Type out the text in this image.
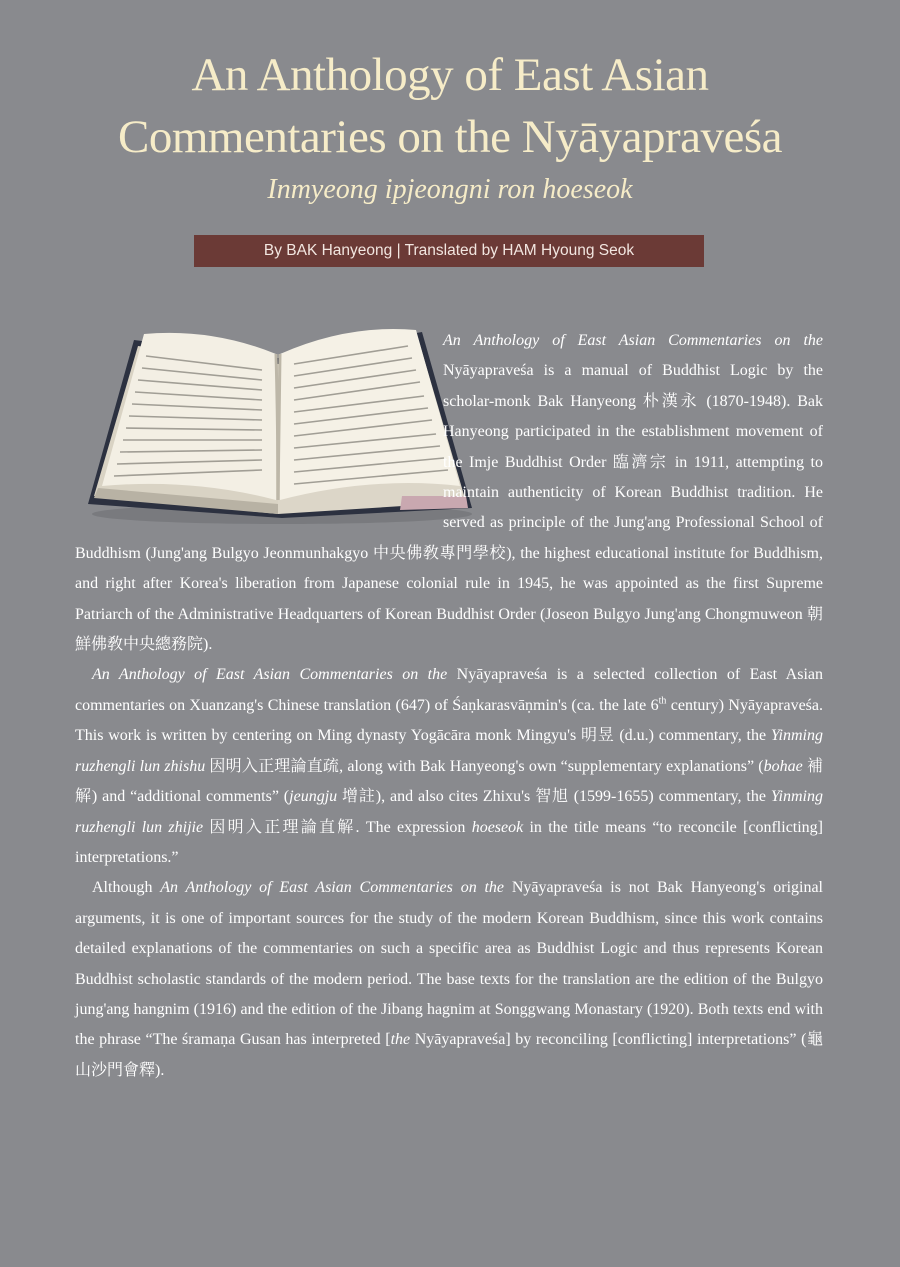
An Anthology of East Asian
Commentaries on the Nyāyapraveśa
Inmyeong ipjeongni ron hoeseok
By BAK Hanyeong | Translated by HAM Hyoung Seok

An Anthology of East Asian Commentaries on the Nyāyapraveśa is a manual of Buddhist Logic by the scholar-monk Bak Hanyeong 朴漢永 (1870-1948). Bak Hanyeong participated in the establishment movement of the Imje Buddhist Order 臨濟宗 in 1911, attempting to maintain authenticity of Korean Buddhist tradition. He served as principle of the Jung'ang Professional School of Buddhism (Jung'ang Bulgyo Jeonmunhakgyo 中央佛敎專門學校), the highest educational institute for Buddhism, and right after Korea's liberation from Japanese colonial rule in 1945, he was appointed as the first Supreme Patriarch of the Administrative Headquarters of Korean Buddhist Order (Joseon Bulgyo Jung'ang Chongmuweon 朝鮮佛敎中央總務院).

An Anthology of East Asian Commentaries on the Nyāyapraveśa is a selected collection of East Asian commentaries on Xuanzang's Chinese translation (647) of Śaṇkarasvāṇmin's (ca. the late 6th century) Nyāyapraveśa. This work is written by centering on Ming dynasty Yogācāra monk Mingyu's 明昱 (d.u.) commentary, the Yinming ruzhengli lun zhishu 因明入正理論直疏, along with Bak Hanyeong's own “supplementary explanations” (bohae 補解) and “additional comments” (jeungju 增註), and also cites Zhixu's 智旭 (1599-1655) commentary, the Yinming ruzhengli lun zhijie 因明入正理論直解. The expression hoeseok in the title means “to reconcile [conflicting] interpretations.”

Although An Anthology of East Asian Commentaries on the Nyāyapraveśa is not Bak Hanyeong's original arguments, it is one of important sources for the study of the modern Korean Buddhism, since this work contains detailed explanations of the commentaries on such a specific area as Buddhist Logic and thus represents Korean Buddhist scholastic standards of the modern period. The base texts for the translation are the edition of the Bulgyo jung'ang hangnim (1916) and the edition of the Jibang hagnim at Songgwang Monastary (1920). Both texts end with the phrase “The śramaṇa Gusan has interpreted [the Nyāyapraveśa] by reconciling [conflicting] interpretations” (龜山沙門會釋).
